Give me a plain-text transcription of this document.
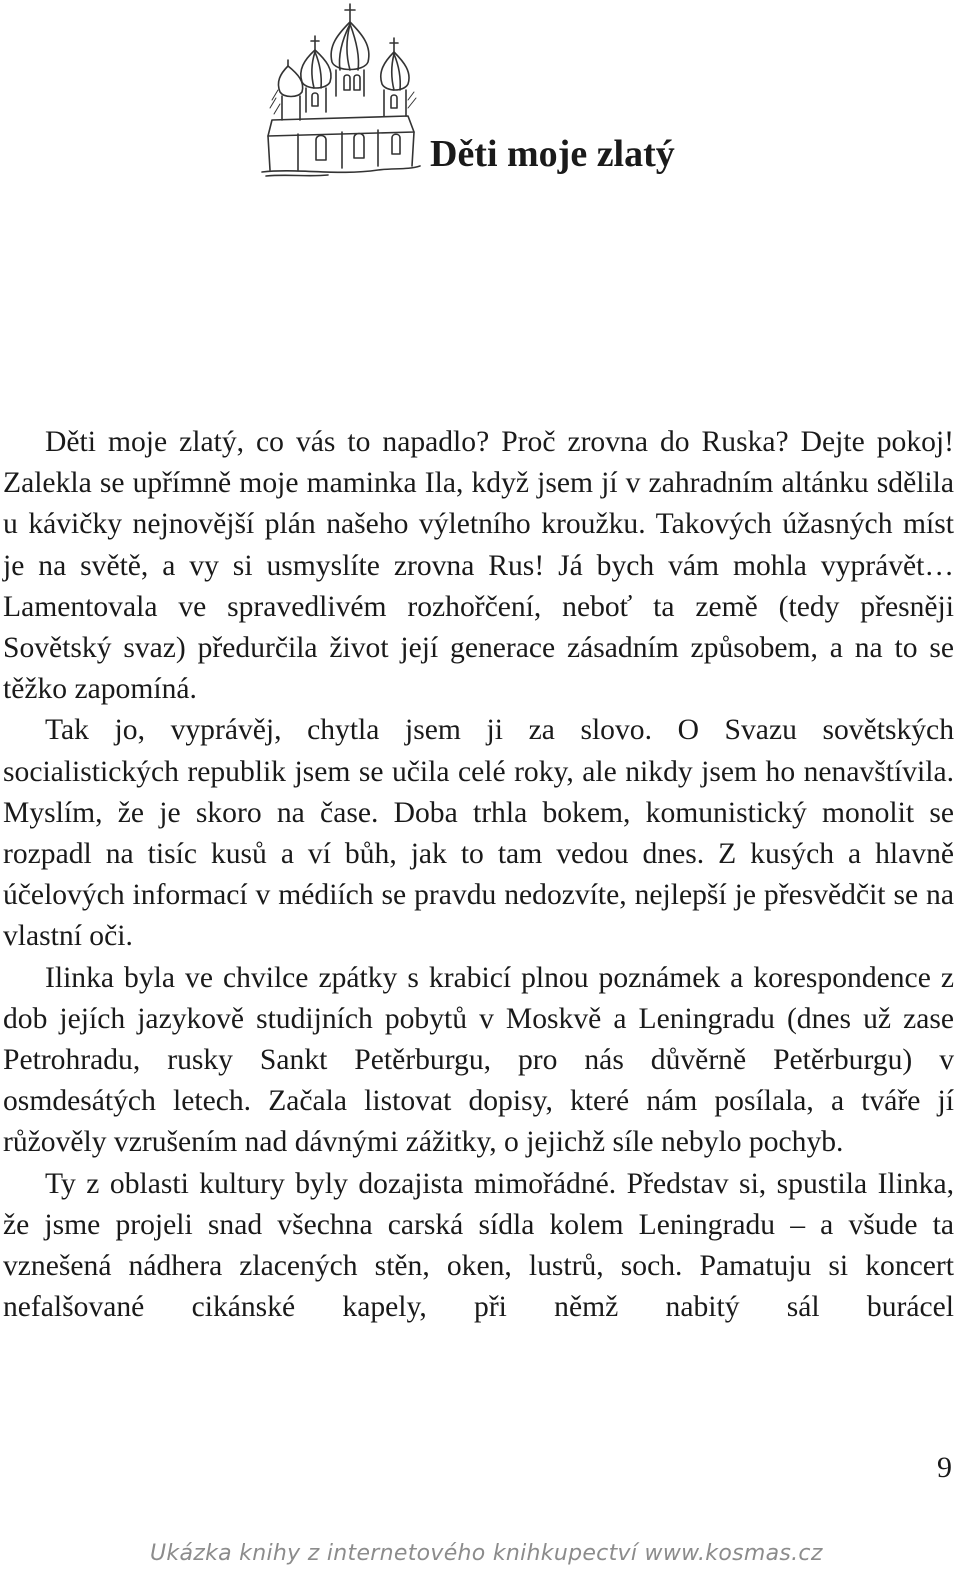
Děti moje zlatý

Děti moje zlatý, co vás to napadlo? Proč zrovna do Ruska? Dejte pokoj! Zalekla se upřímně moje maminka Ila, když jsem jí v zahradním altánku sdělila u kávičky nejnovější plán našeho výletního kroužku. Takových úžasných míst je na světě, a vy si usmyslíte zrovna Rus! Já bych vám mohla vyprávět… Lamentovala ve spravedlivém rozhořčení, neboť ta země (tedy přesněji Sovětský svaz) předurčila život její generace zásadním způsobem, a na to se těžko zapomíná.

Tak jo, vyprávěj, chytla jsem ji za slovo. O Svazu sovětských socialistických republik jsem se učila celé roky, ale nikdy jsem ho nenavštívila. Myslím, že je skoro na čase. Doba trhla bokem, komunistický monolit se rozpadl na tisíc kusů a ví bůh, jak to tam vedou dnes. Z kusých a hlavně účelových informací v médiích se pravdu nedozvíte, nejlepší je přesvědčit se na vlastní oči.

Ilinka byla ve chvilce zpátky s krabicí plnou poznámek a korespondence z dob jejích jazykově studijních pobytů v Moskvě a Leningradu (dnes už zase Petrohradu, rusky Sankt Petěrburgu, pro nás důvěrně Petěrburgu) v osmdesátých letech. Začala listovat dopisy, které nám posílala, a tváře jí růžověly vzrušením nad dávnými zážitky, o jejichž síle nebylo pochyb.

Ty z oblasti kultury byly dozajista mimořádné. Představ si, spustila Ilinka, že jsme projeli snad všechna carská sídla kolem Leningradu – a všude ta vznešená nádhera zlacených stěn, oken, lustrů, soch. Pamatuju si koncert nefalšované cikánské kapely, při němž nabitý sál burácel

9
Ukázka knihy z internetového knihkupectví www.kosmas.cz
